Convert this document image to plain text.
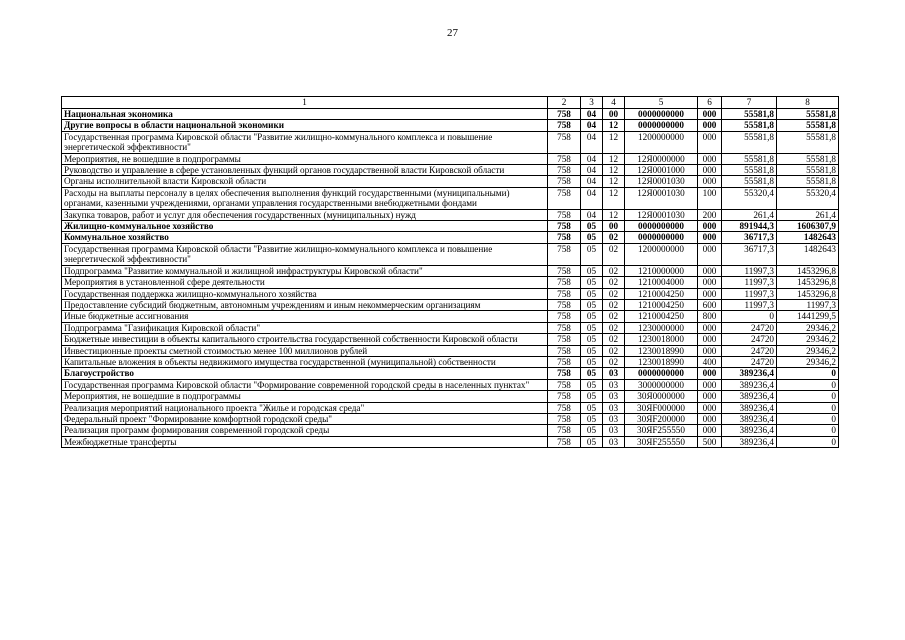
27
1	2	3	4	5	6	7	8
Национальная экономика	758	04	00	0000000000	000	55581,8	55581,8
Другие вопросы в области национальной экономики	758	04	12	0000000000	000	55581,8	55581,8
Государственная программа Кировской области "Развитие жилищно-коммунального комплекса и повышение энергетической эффективности"	758	04	12	1200000000	000	55581,8	55581,8
Мероприятия, не вошедшие в подпрограммы	758	04	12	12Я0000000	000	55581,8	55581,8
Руководство и управление в сфере установленных функций органов государственной власти Кировской области	758	04	12	12Я0001000	000	55581,8	55581,8
Органы исполнительной власти Кировской области	758	04	12	12Я0001030	000	55581,8	55581,8
Расходы на выплаты персоналу в целях обеспечения выполнения функций государственными (муниципальными) органами, казенными учреждениями, органами управления государственными внебюджетными фондами	758	04	12	12Я0001030	100	55320,4	55320,4
Закупка товаров, работ и услуг для обеспечения государственных (муниципальных) нужд	758	04	12	12Я0001030	200	261,4	261,4
Жилищно-коммунальное хозяйство	758	05	00	0000000000	000	891944,3	1606307,9
Коммунальное хозяйство	758	05	02	0000000000	000	36717,3	1482643
Государственная программа Кировской области "Развитие жилищно-коммунального комплекса и повышение энергетической эффективности"	758	05	02	1200000000	000	36717,3	1482643
Подпрограмма "Развитие коммунальной и жилищной инфраструктуры Кировской области"	758	05	02	1210000000	000	11997,3	1453296,8
Мероприятия в установленной сфере деятельности	758	05	02	1210004000	000	11997,3	1453296,8
Государственная поддержка жилищно-коммунального хозяйства	758	05	02	1210004250	000	11997,3	1453296,8
Предоставление субсидий бюджетным, автономным учреждениям и иным некоммерческим организациям	758	05	02	1210004250	600	11997,3	11997,3
Иные бюджетные ассигнования	758	05	02	1210004250	800	0	1441299,5
Подпрограмма "Газификация Кировской области"	758	05	02	1230000000	000	24720	29346,2
Бюджетные инвестиции в объекты капитального строительства государственной собственности Кировской области	758	05	02	1230018000	000	24720	29346,2
Инвестиционные проекты сметной стоимостью менее 100 миллионов рублей	758	05	02	1230018990	000	24720	29346,2
Капитальные вложения в объекты недвижимого имущества государственной (муниципальной) собственности	758	05	02	1230018990	400	24720	29346,2
Благоустройство	758	05	03	0000000000	000	389236,4	0
Государственная программа Кировской области "Формирование современной городской среды в населенных пунктах"	758	05	03	3000000000	000	389236,4	0
Мероприятия, не вошедшие в подпрограммы	758	05	03	30Я0000000	000	389236,4	0
Реализация мероприятий национального проекта "Жилье и городская среда"	758	05	03	30ЯF000000	000	389236,4	0
Федеральный проект "Формирование комфортной городской среды"	758	05	03	30ЯF200000	000	389236,4	0
Реализация программ формирования современной городской среды	758	05	03	30ЯF255550	000	389236,4	0
Межбюджетные трансферты	758	05	03	30ЯF255550	500	389236,4	0
